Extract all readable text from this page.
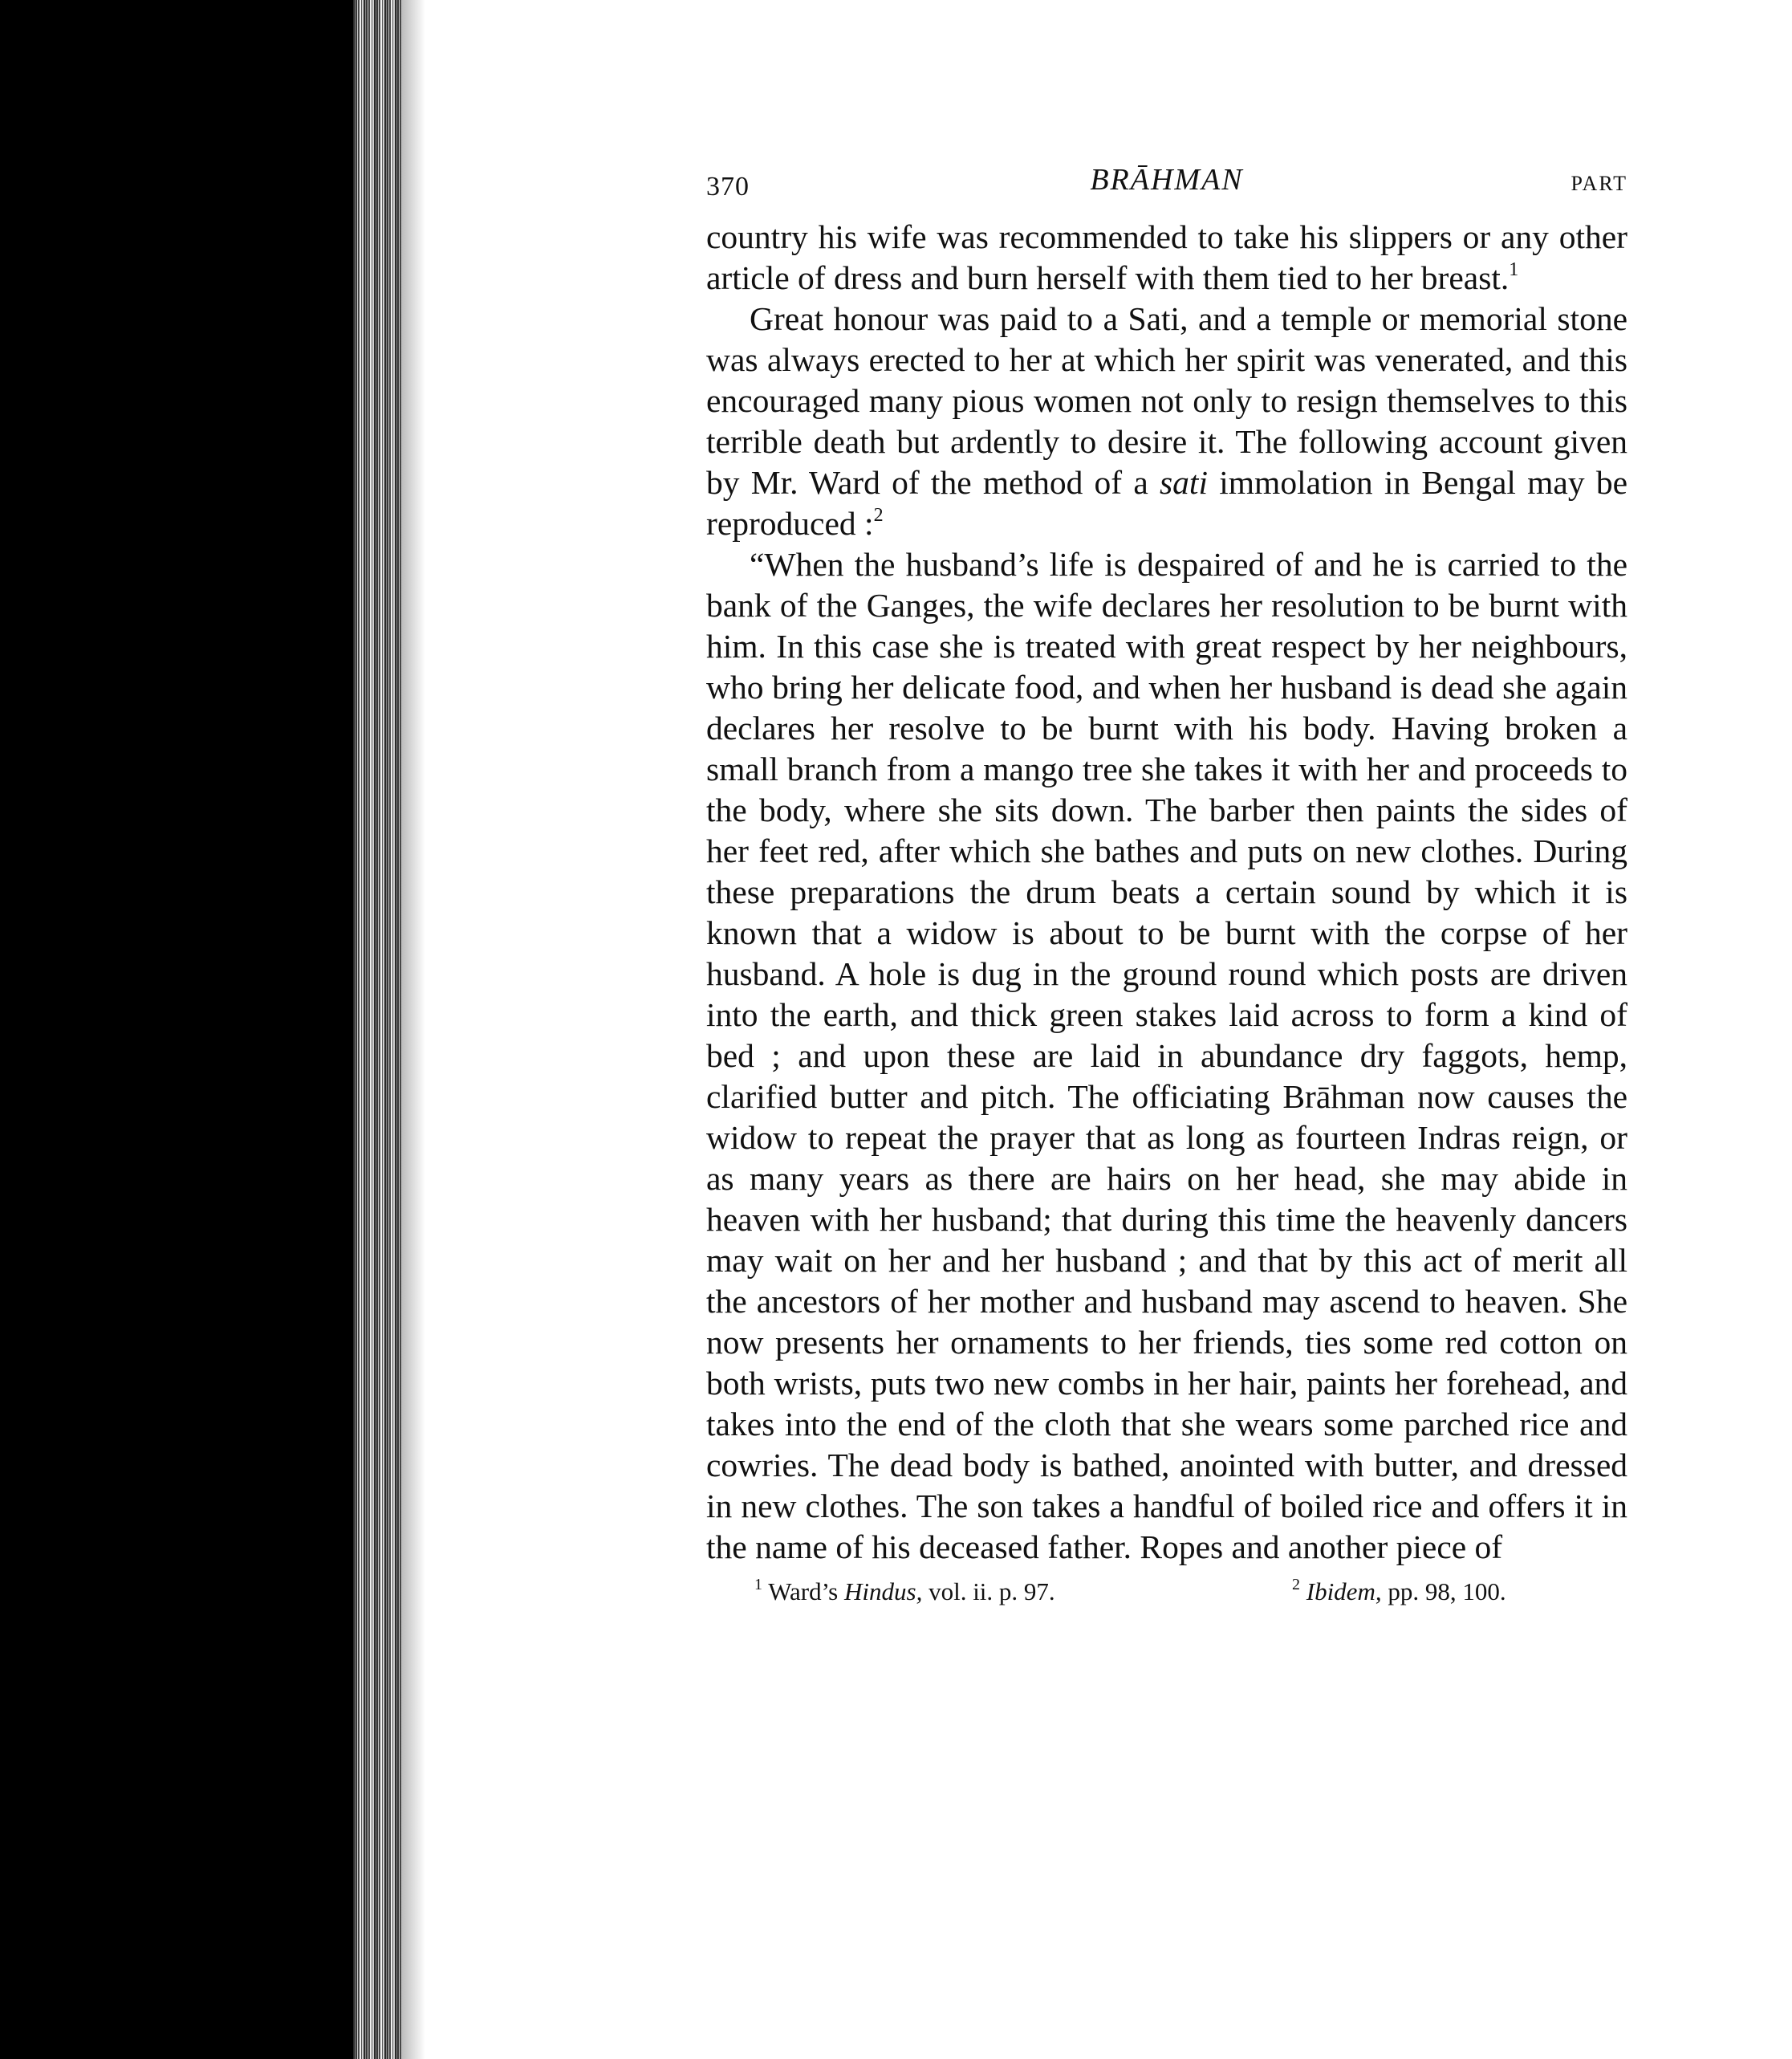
370	BRĀHMAN	PART

country his wife was recommended to take his slippers or any other article of dress and burn herself with them tied to her breast.$^1$

Great honour was paid to a Sati, and a temple or memorial stone was always erected to her at which her spirit was venerated, and this encouraged many pious women not only to resign themselves to this terrible death but ardently to desire it. The following account given by Mr. Ward of the method of a sati immolation in Bengal may be reproduced :$^2$

“When the husband’s life is despaired of and he is carried to the bank of the Ganges, the wife declares her resolution to be burnt with him. In this case she is treated with great respect by her neighbours, who bring her delicate food, and when her husband is dead she again declares her resolve to be burnt with his body. Having broken a small branch from a mango tree she takes it with her and proceeds to the body, where she sits down. The barber then paints the sides of her feet red, after which she bathes and puts on new clothes. During these preparations the drum beats a certain sound by which it is known that a widow is about to be burnt with the corpse of her husband. A hole is dug in the ground round which posts are driven into the earth, and thick green stakes laid across to form a kind of bed ; and upon these are laid in abundance dry faggots, hemp, clarified butter and pitch. The officiating Brāhman now causes the widow to repeat the prayer that as long as fourteen Indras reign, or as many years as there are hairs on her head, she may abide in heaven with her husband; that during this time the heavenly dancers may wait on her and her husband ; and that by this act of merit all the ancestors of her mother and husband may ascend to heaven. She now presents her ornaments to her friends, ties some red cotton on both wrists, puts two new combs in her hair, paints her forehead, and takes into the end of the cloth that she wears some parched rice and cowries. The dead body is bathed, anointed with butter, and dressed in new clothes. The son takes a handful of boiled rice and offers it in the name of his deceased father. Ropes and another piece of

$^1$ Ward’s Hindus, vol. ii. p. 97.	$^2$ Ibidem, pp. 98, 100.
